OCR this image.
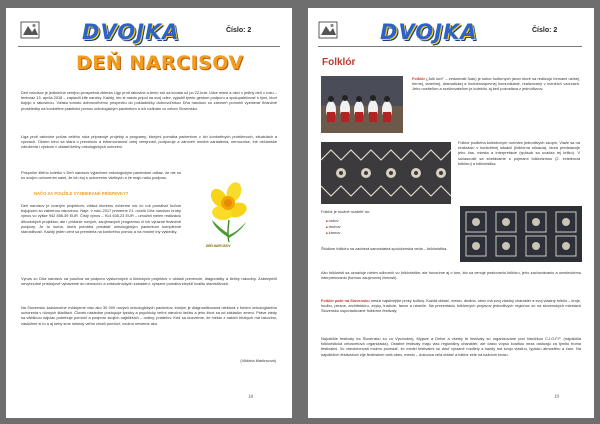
DVOJKA	Číslo: 2
DEŇ NARCISOV
Deň narcisov je jedinečná verejno-prospešná zbierka Ligy proti rakovine a tento rok sa konala už po 22-krát. Ulice miest a obcí v jediný deň v roku – tentoraz 13. apríla 2018 – zaplavili žlté narcisy. Každý, kto si narcis pripol na svoj odev, vyjadril týmto gestom podporu a spolupatričnosť s tými, ktorí bojujú s rakovinou. Vďaka tomuto dobrovoľnému príspevku do pokladničky dobrovoľníkov Dňa narcisov sú zárovеň pomohli vyzbierať finančné prostriedky na konkrétne praktickú pomoc onkologickým pacientom a ich rodinám vo celom Slovensku.
Liga proti rakovine počas celého roka pripravuje projekty a programy, ktorými pomáha pacientom v ich konkrétnych problémoch, situáciách a výzvach. Okrem toho sa stará o prevenciu a informovanosť celej verejnosti, podporuje a zároveň mnohé zariadenia, nemocnice, iné občianske združenia i výskum v oblasti liečby onkologických ochorení.
Prispolím žltého kvietku v Deň narcisov vyjadríme onkologickým pacientom odkaz, že nie sú so svojím ochorením sami, že ich boj s ochorením všetkých a že majú našu podporu.
DEŇ NARCISOV
NAČO SA POUŽILE VYZBIERANÉ PRÍSPEVKY?
Deň narcisov je nosným projektom, vďaka ktorému môžeme rok čo rok pomáhať ľuďom bojujúcim so zákernou rakovinou. Napr. v roku 2017 primerne 21. ročník Dňa narcisov hrubý výnos vo výške 942 856,39 EUR. Čistý výnos – 914 635,23 EUR – umožnil nielen realizáciu dlhodobých projektov, ale i prídanie nových, zaujímavých programov či ich výrazné finančné podpory. Je to suma, ktorá pomáha prinášať onkologickým pacientom komplexné starostlivosť. Každý jeden cent sa premieňa na konkrétnu pomoc a na mnohé iný výsledky.
Výnos zo Dňa narcisov sa použiva na podporu výskumných a klinických projektov v oblasti prevencie, diagnostiky a liečby rakoviny. Zabezpečil nevyhnutné prístrojové vybavenie do nemocníc a zdravotníckych zariadení, výrazne pomáha zlepšiť kvalitu starostlivosti.
Na Slovensku každoročne evidujeme viac ako 30 000 nových onkologických pacientov, ktorým je diagnostikovaná niektorá z foriem onkologického ochorenia v rôznych štádiách. Človek následne postupuje fyzicky a psychicky veľmi náročnú liečbu a jeho život sa od základov zmení. Práve vtedy sa väčšinou najviac potrebuje pomôcť a podporu svojich najbližších – rodiny, priateľov. Keď sa dozvieme, že niekto z našich blízkych má rakovinu, zaslúžme si to a aj keby sme nekedy veľmi chceli pomôcť, možno nevieme ako.
(Viktória Martincová)
18
DVOJKA	Číslo: 2
Folklór
Folklór („folk lore" – vedomosti ľudu) je súbor kultúrnych javov ktoré sa realizujú formami ústnej, hernej, tanečnej, dramatickej a hudobnospevnej komunikácie, realizovaný v menších vzorcach. Jeho nositeľom a rozširovateľom je kolektív, aj keď pozostáva z jednotlivcov.
Folklór podlieha kolektívnym normám jednotlivých skupín. Viaže sa na realizáciu v konkrétnej situácii (folklórna situácia), ktorá predstavuje jeho čas, miesta a interpretácie (spôsob sa uvádza tej krtiko). V súčasnosti sa stretávame s pojmami folklorizmus (2. existencia folklóru) a folkloristika.
Folklór je možné rozdeliť do:
■ rodov
■ druhov
■ žánrov
Štúdium folklóru sa zaoberá samostatná spoločenská veda – folkloristika.
Ako folkloristi sa označuje nielen odborník vo folkloristike, ale hovoríme aj o tom, kto sa venuje pestovaniu folklóru, jeho zachovávaniu a umeleckému interpretovaniu (formou zaujímovej činnosti).
Folklór patrí na Slovensku medzi najsilnejšie prvky kultúry. Každá oblasť, mesto, dedina, obec má svoj vlastný charakter a svoj vlastný folklór – kroje, hudbu, piesne, architektúru, zvyky, tradície, tance a nárečie. Na prezentáciu folklórnych prejavov jednotlivých regiónov sú na slovenských miestach Slovensko usporiadúvané folklórne festivaly.
Najväčšie festivaly na Slovensku sú vo Východnej, Myjave a Detve a všetky tri festivaly sú organizované pod hlavičkou C.I.O.F.F. (najväčšia folkloristická celosvetová organizácia). Ostatné festivaly majú viac regionálny charakter, ale často vopsú kvalitou neza ostávajú za týmito troma festivalmi. Vo všeobecnosti možno povedať, že medzi festivalmi sú dosť výrazné rozdiely a každý má svoju vlastnú, typickú atmosféru a čaro. Na najväčších festivaloch žije festivalom celá obec, mesto – dokonca celá oblasť a folklór zide na každom kroku.
19
